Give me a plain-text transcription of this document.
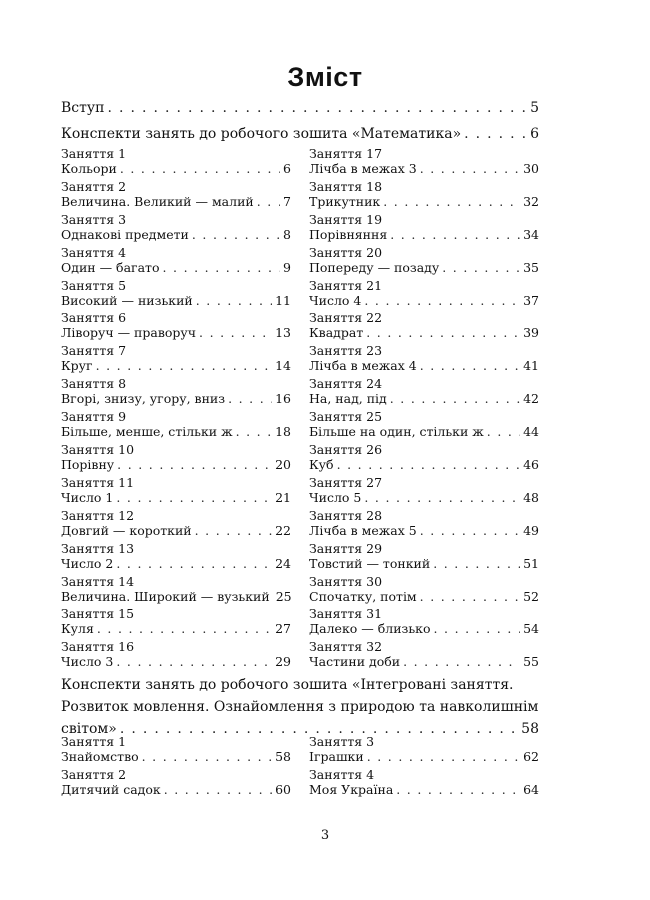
Зміст
Вступ . . .	5
Конспекти занять до робочого зошита «Математика» . . .	6
Заняття 1
Кольори . . .	6
Заняття 2
Величина. Великий — малий . . . 7
Заняття 3
Однакові предмети . . .	8
Заняття 4
Один — багато . . .	9
Заняття 5
Високий — низький . . .	11
Заняття 6
Ліворуч — праворуч . . .	13
Заняття 7
Круг . . .	14
Заняття 8
Вгорі, знизу, угору, вниз . . .	16
Заняття 9
Більше, менше, стільки ж . . .	18
Заняття 10
Порівну . . .	20
Заняття 11
Число 1 . . .	21
Заняття 12
Довгий — короткий . . .	22
Заняття 13
Число 2 . . .	24
Заняття 14
Величина. Широкий — вузький 25
Заняття 15
Куля . . .	27
Заняття 16
Число 3 . . .	29
Заняття 17
Лічба в межах 3 . . .	30
Заняття 18
Трикутник . . .	32
Заняття 19
Порівняння . . .	34
Заняття 20
Попереду — позаду . . .	35
Заняття 21
Число 4 . . .	37
Заняття 22
Квадрат . . .	39
Заняття 23
Лічба в межах 4 . . .	41
Заняття 24
На, над, під . . .	42
Заняття 25
Більше на один, стільки ж . . .	44
Заняття 26
Куб . . .	46
Заняття 27
Число 5 . . .	48
Заняття 28
Лічба в межах 5 . . .	49
Заняття 29
Товстий — тонкий . . .	51
Заняття 30
Спочатку, потім . . .	52
Заняття 31
Далеко — близько . . .	54
Заняття 32
Частини доби . . .	55
Конспекти занять до робочого зошита «Інтегровані заняття.
Розвиток мовлення. Ознайомлення з природою та навколишнім
світом» . . .	58
Заняття 1
Знайомство . . .	58
Заняття 2
Дитячий садок . . .	60
Заняття 3
Іграшки . . .	62
Заняття 4
Моя Україна . . .	64
3
